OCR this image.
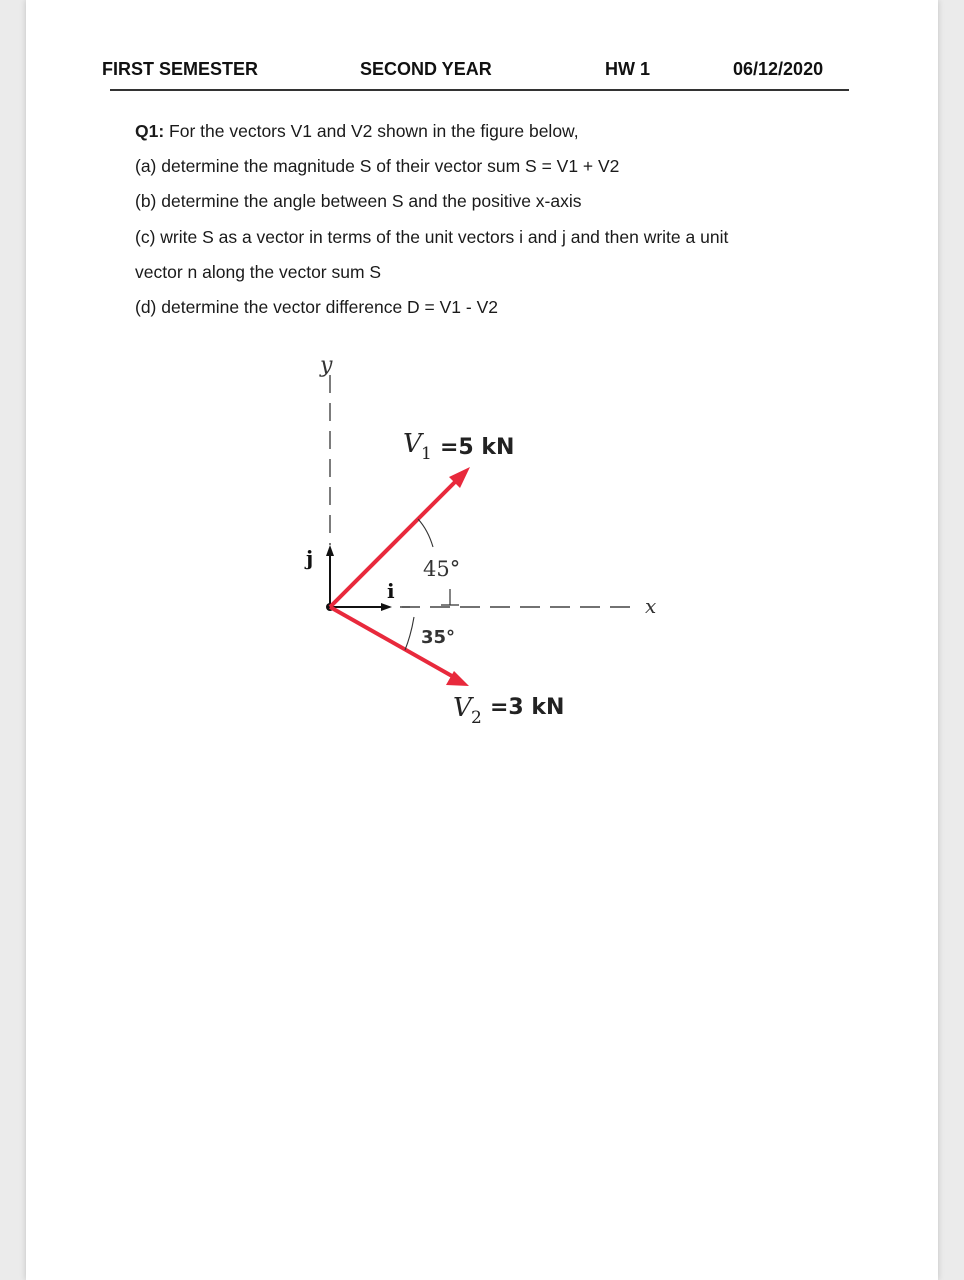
FIRST SEMESTER	SECOND YEAR	HW 1	06/12/2020
Q1: For the vectors V1 and V2 shown in the figure below,
(a) determine the magnitude S of their vector sum S = V1 + V2
(b) determine the angle between S and the positive x-axis
(c) write S as a vector in terms of the unit vectors i and j and then write a unit
vector n along the vector sum S
(d) determine the vector difference D = V1 - V2
y
x
i
j
V 1 =5 kN
V 2 =3 kN
45°
35°
